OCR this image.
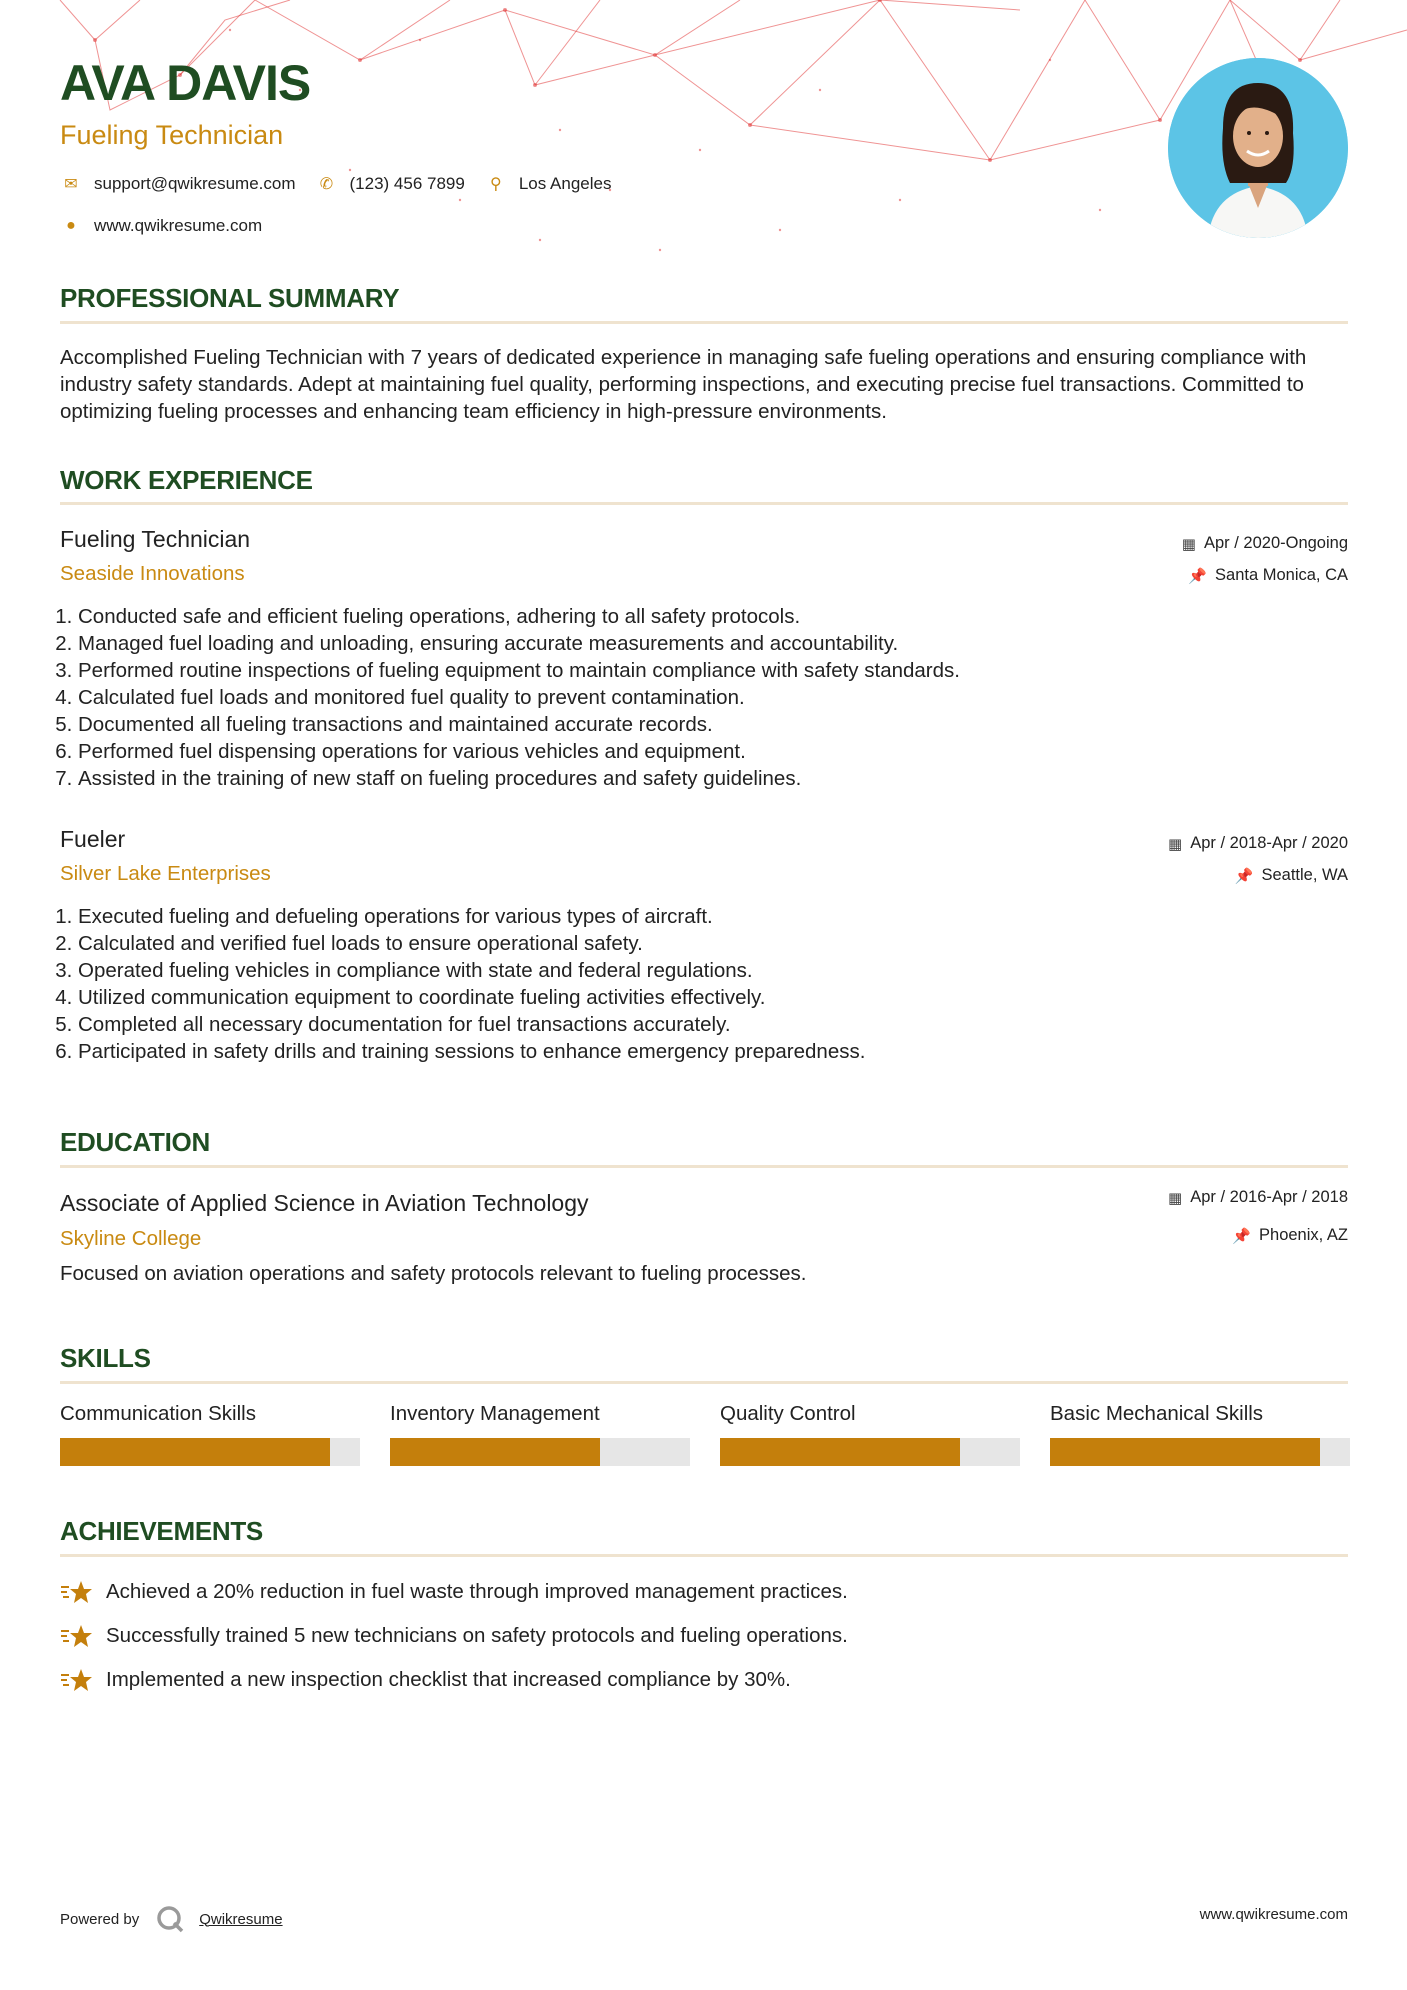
AVA DAVIS
Fueling Technician
✉ support@qwikresume.com ✆ (123) 456 7899	⚲	Los Angeles
●	www.qwikresume.com
PROFESSIONAL SUMMARY

Accomplished Fueling Technician with 7 years of dedicated experience in managing safe fueling operations and ensuring compliance with industry safety standards. Adept at maintaining fuel quality, performing inspections, and executing precise fuel transactions. Committed to optimizing fueling processes and enhancing team efficiency in high-pressure environments.

WORK EXPERIENCE
Fueling Technician
Seaside Innovations
▦ Apr / 2020-Ongoing
📌 Santa Monica, CA
1. Conducted safe and efficient fueling operations, adhering to all safety protocols.
2. Managed fuel loading and unloading, ensuring accurate measurements and accountability.
3. Performed routine inspections of fueling equipment to maintain compliance with safety standards.
4. Calculated fuel loads and monitored fuel quality to prevent contamination.
5. Documented all fueling transactions and maintained accurate records.
6. Performed fuel dispensing operations for various vehicles and equipment.
7. Assisted in the training of new staff on fueling procedures and safety guidelines.
Fueler
Silver Lake Enterprises
▦ Apr / 2018-Apr / 2020
📌 Seattle, WA
1. Executed fueling and defueling operations for various types of aircraft.
2. Calculated and verified fuel loads to ensure operational safety.
3. Operated fueling vehicles in compliance with state and federal regulations.
4. Utilized communication equipment to coordinate fueling activities effectively.
5. Completed all necessary documentation for fuel transactions accurately.
6. Participated in safety drills and training sessions to enhance emergency preparedness.
EDUCATION
Associate of Applied Science in Aviation Technology
Skyline College
▦ Apr / 2016-Apr / 2018
📌 Phoenix, AZ
Focused on aviation operations and safety protocols relevant to fueling processes.
SKILLS
Communication Skills	Inventory Management	Quality Control	Basic Mechanical Skills
ACHIEVEMENTS
Achieved a 20% reduction in fuel waste through improved management practices.
Successfully trained 5 new technicians on safety protocols and fueling operations.
Implemented a new inspection checklist that increased compliance by 30%.
Powered by	Qwikresume	www.qwikresume.com
